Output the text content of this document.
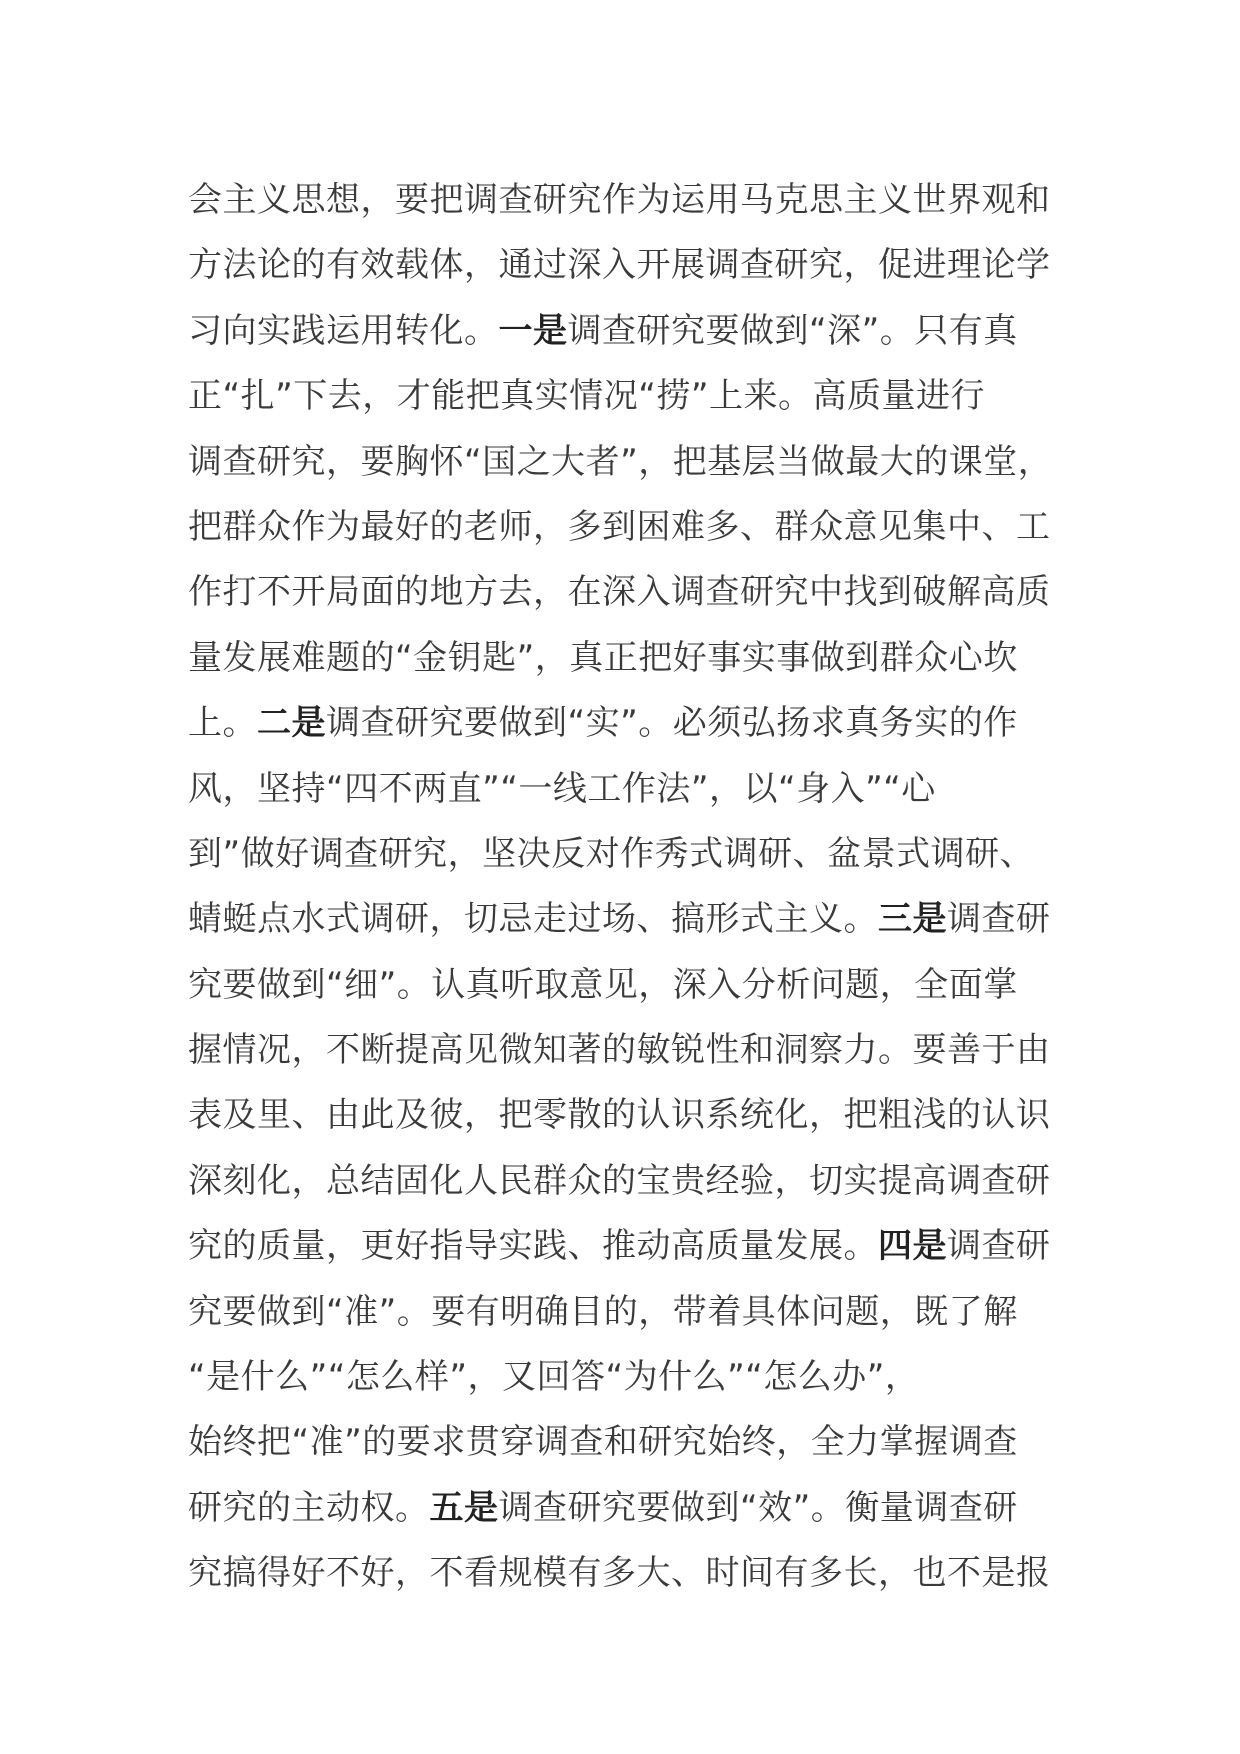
会主义思想，要把调查研究作为运用马克思主义世界观和
方法论的有效载体，通过深入开展调查研究，促进理论学
习向实践运用转化。一是调查研究要做到“深”。只有真
正“扎”下去，才能把真实情况“捞”上来。高质量进行
调查研究，要胸怀“国之大者”，把基层当做最大的课堂，
把群众作为最好的老师，多到困难多、群众意见集中、工
作打不开局面的地方去，在深入调查研究中找到破解高质
量发展难题的“金钥匙”，真正把好事实事做到群众心坎
上。二是调查研究要做到“实”。必须弘扬求真务实的作
风，坚持“四不两直”“一线工作法”，以“身入”“心
到”做好调查研究，坚决反对作秀式调研、盆景式调研、
蜻蜓点水式调研，切忌走过场、搞形式主义。三是调查研
究要做到“细”。认真听取意见，深入分析问题，全面掌
握情况，不断提高见微知著的敏锐性和洞察力。要善于由
表及里、由此及彼，把零散的认识系统化，把粗浅的认识
深刻化，总结固化人民群众的宝贵经验，切实提高调查研
究的质量，更好指导实践、推动高质量发展。四是调查研
究要做到“准”。要有明确目的，带着具体问题，既了解
“是什么”“怎么样”，又回答“为什么”“怎么办”，
始终把“准”的要求贯穿调查和研究始终，全力掌握调查
研究的主动权。五是调查研究要做到“效”。衡量调查研
究搞得好不好，不看规模有多大、时间有多长，也不是报
